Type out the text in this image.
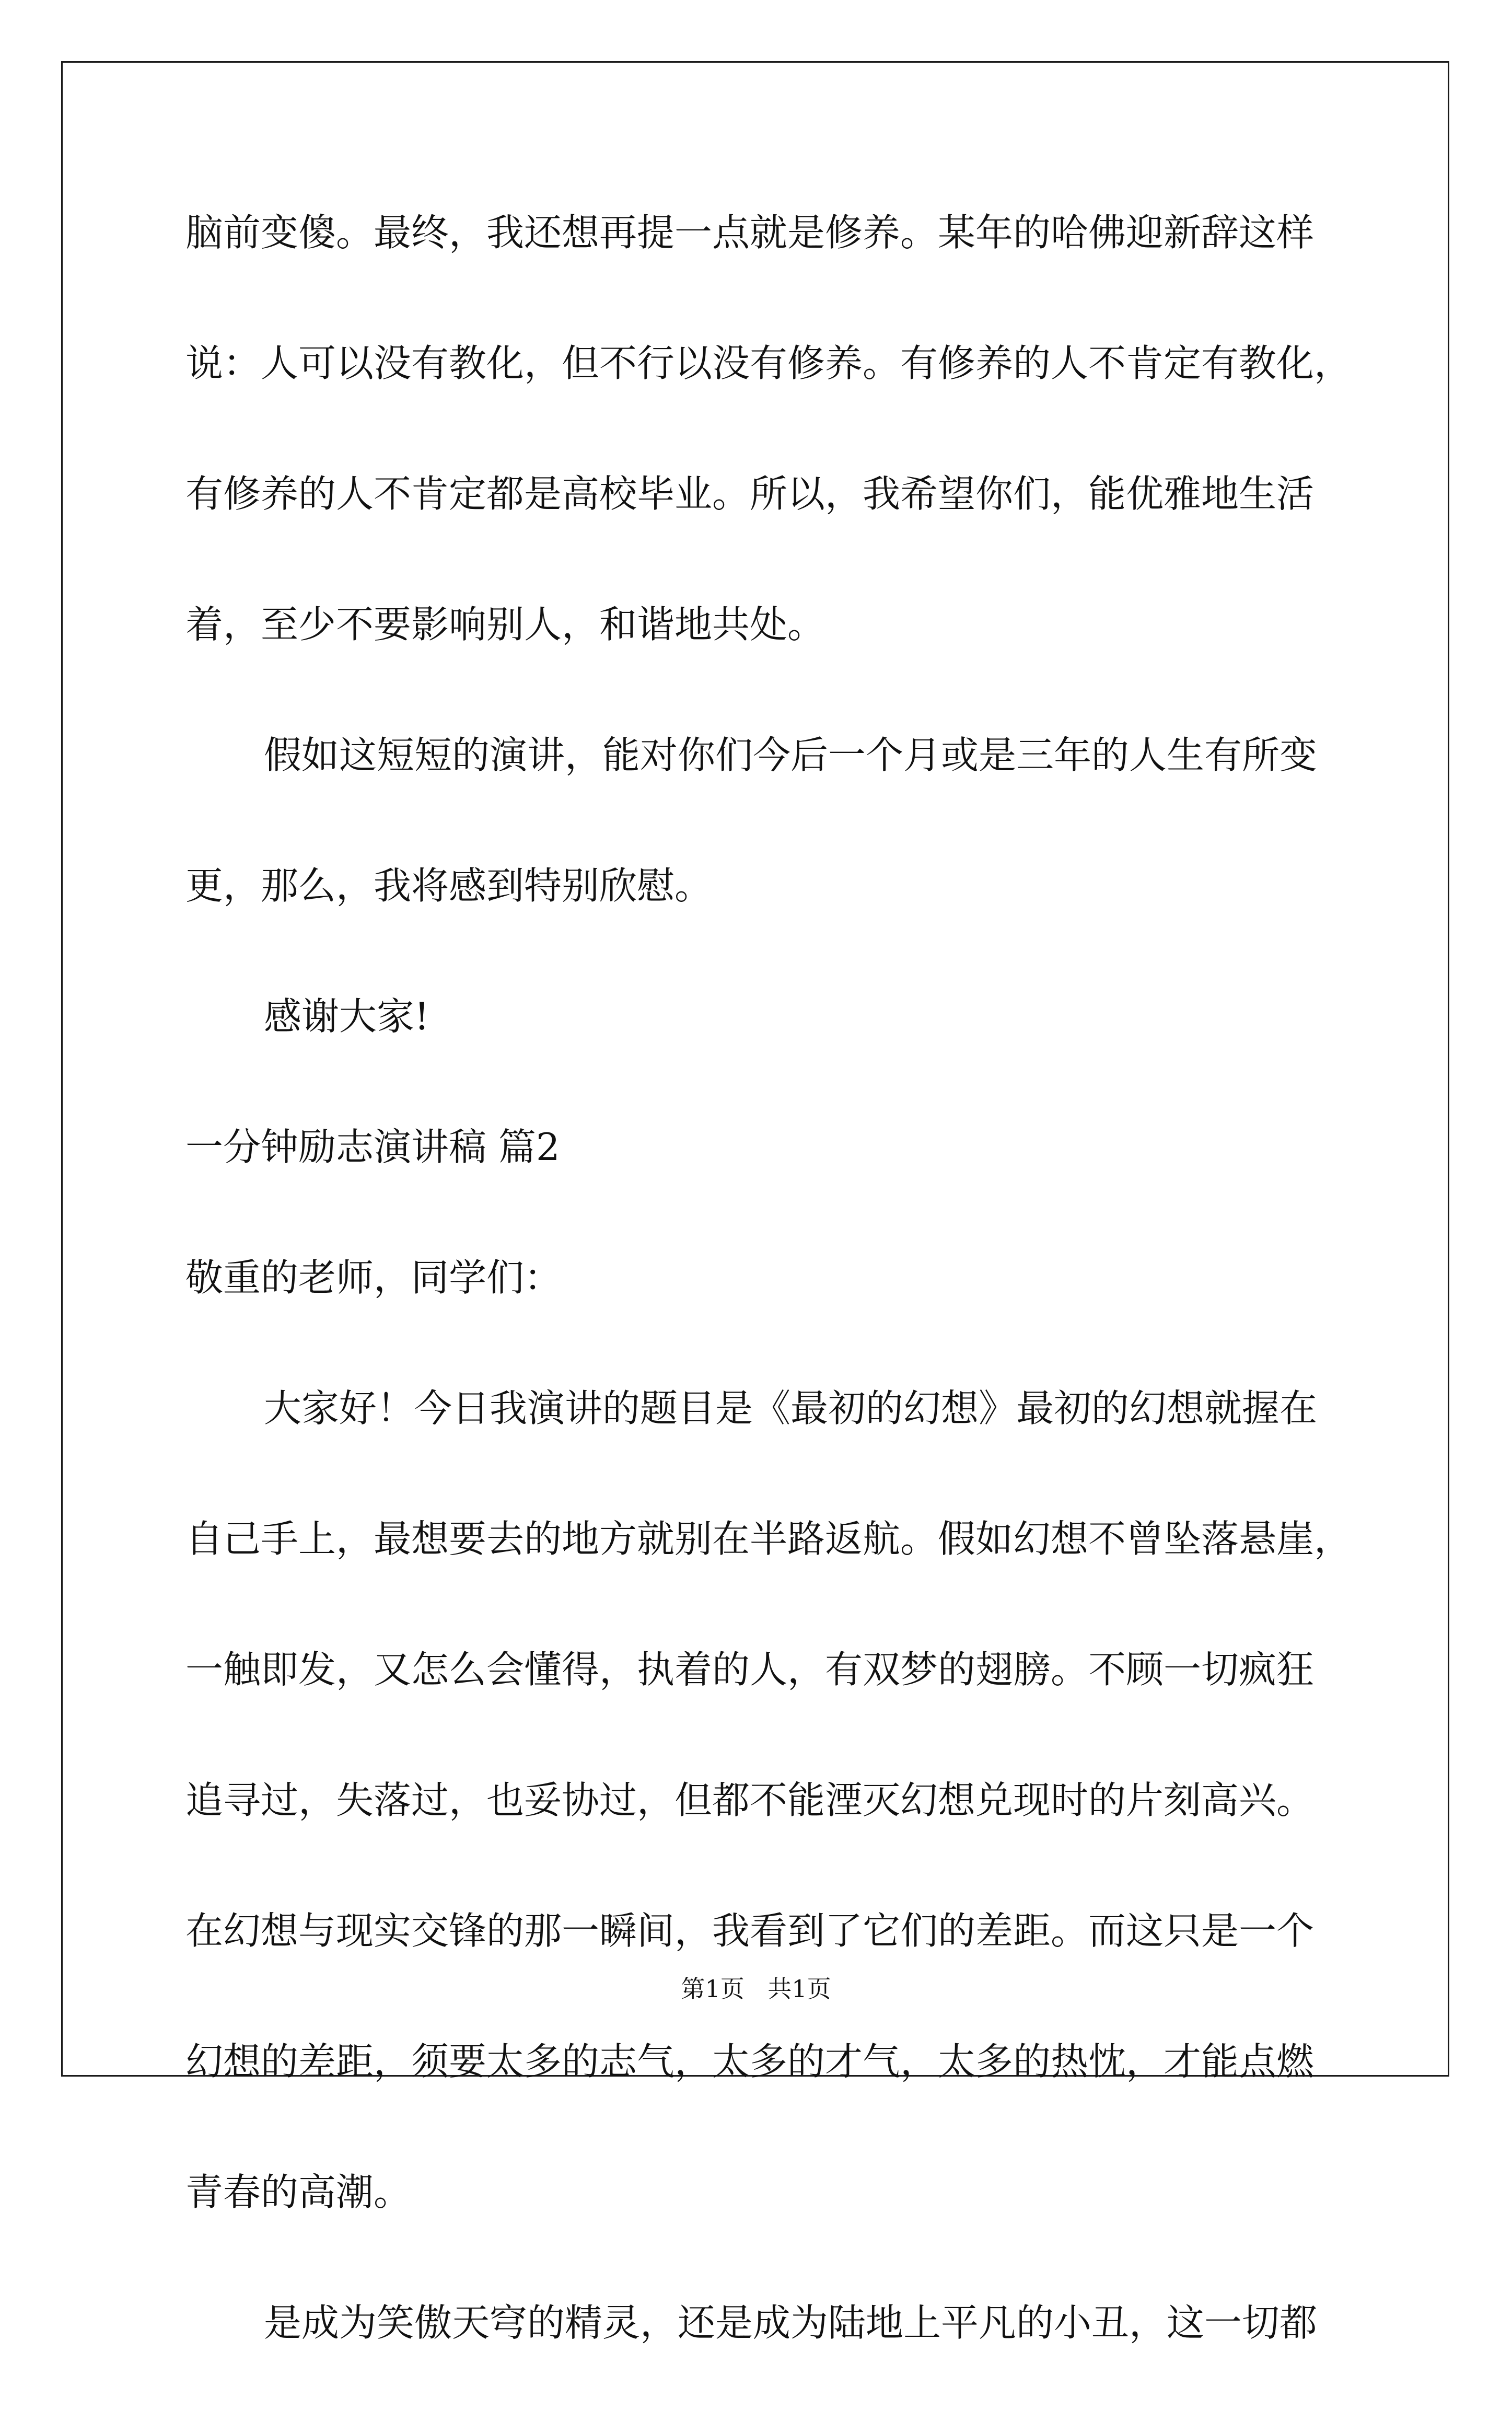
脑前变傻。最终，我还想再提一点就是修养。某年的哈佛迎新辞这样
说：人可以没有教化，但不行以没有修养。有修养的人不肯定有教化，
有修养的人不肯定都是高校毕业。所以，我希望你们，能优雅地生活
着，至少不要影响别人，和谐地共处。
假如这短短的演讲，能对你们今后一个月或是三年的人生有所变
更，那么，我将感到特别欣慰。
感谢大家!
一分钟励志演讲稿 篇2
敬重的老师，同学们：
大家好！今日我演讲的题目是《最初的幻想》最初的幻想就握在
自己手上，最想要去的地方就别在半路返航。假如幻想不曾坠落悬崖，
一触即发，又怎么会懂得，执着的人，有双梦的翅膀。不顾一切疯狂
追寻过，失落过，也妥协过，但都不能湮灭幻想兑现时的片刻高兴。
在幻想与现实交锋的那一瞬间，我看到了它们的差距。而这只是一个
幻想的差距，须要太多的志气，太多的才气，太多的热忱，才能点燃
青春的高潮。
是成为笑傲天穹的精灵，还是成为陆地上平凡的小丑，这一切都
第1页 共1页
